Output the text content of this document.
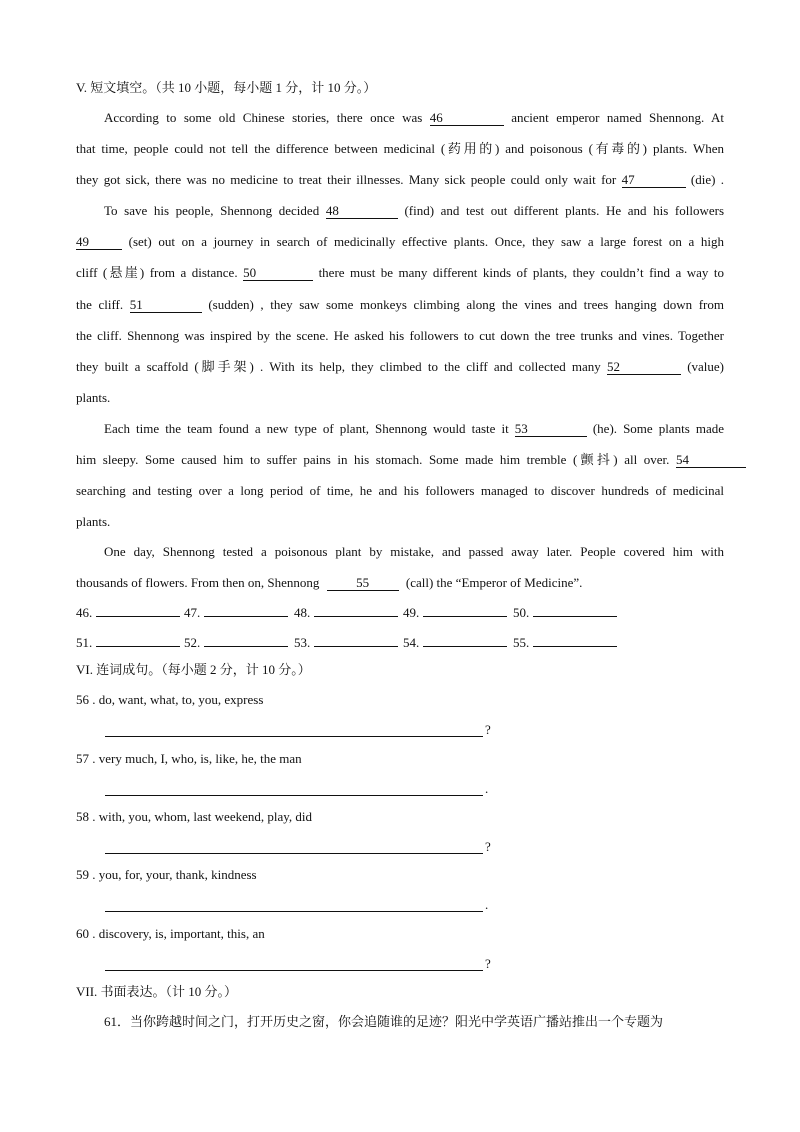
V. 短文填空。（共 10 小题，每小题 1 分，计 10 分。）
According to some old Chinese stories, there once was 46	ancient emperor named Shennong. At
that time, people could not tell the difference between medicinal (药用的) and poisonous (有毒的) plants. When
they got sick, there was no medicine to treat their illnesses. Many sick people could only wait for 47	(die) .
To save his people, Shennong decided 48	(find) and test out different plants. He and his followers
49	(set) out on a journey in search of medicinally effective plants. Once, they saw a large forest on a high
cliff (悬崖) from a distance. 50	there must be many different kinds of plants, they couldn’t find a way to
the cliff. 51	(sudden) , they saw some monkeys climbing along the vines and trees hanging down from
the cliff. Shennong was inspired by the scene. He asked his followers to cut down the tree trunks and vines. Together
they built a scaffold (脚手架) . With its help, they climbed to the cliff and collected many 52	(value)
plants.
Each time the team found a new type of plant, Shennong would taste it 53	(he). Some plants made
him sleepy. Some caused him to suffer pains in his stomach. Some made him tremble (颤抖) all over. 54
searching and testing over a long period of time, he and his followers managed to discover hundreds of medicinal
plants.
One day, Shennong tested a poisonous plant by mistake, and passed away later. People covered him with
thousands of flowers. From then on, Shennong	55	(call) the “Emperor of Medicine”.
46.	47.	48.	49.	50.
51.	52.	53.	54.	55.
VI. 连词成句。（每小题 2 分，计 10 分。）
56 . do, want, what, to, you, express
?
57 . very much, I, who, is, like, he, the man
.
58 . with, you, whom, last weekend, play, did
?
59 . you, for, your, thank, kindness
.
60 . discovery, is, important, this, an
?
VII. 书面表达。（计 10 分。）
61．当你跨越时间之门，打开历史之窗，你会追随谁的足迹？阳光中学英语广播站推出一个专题为
